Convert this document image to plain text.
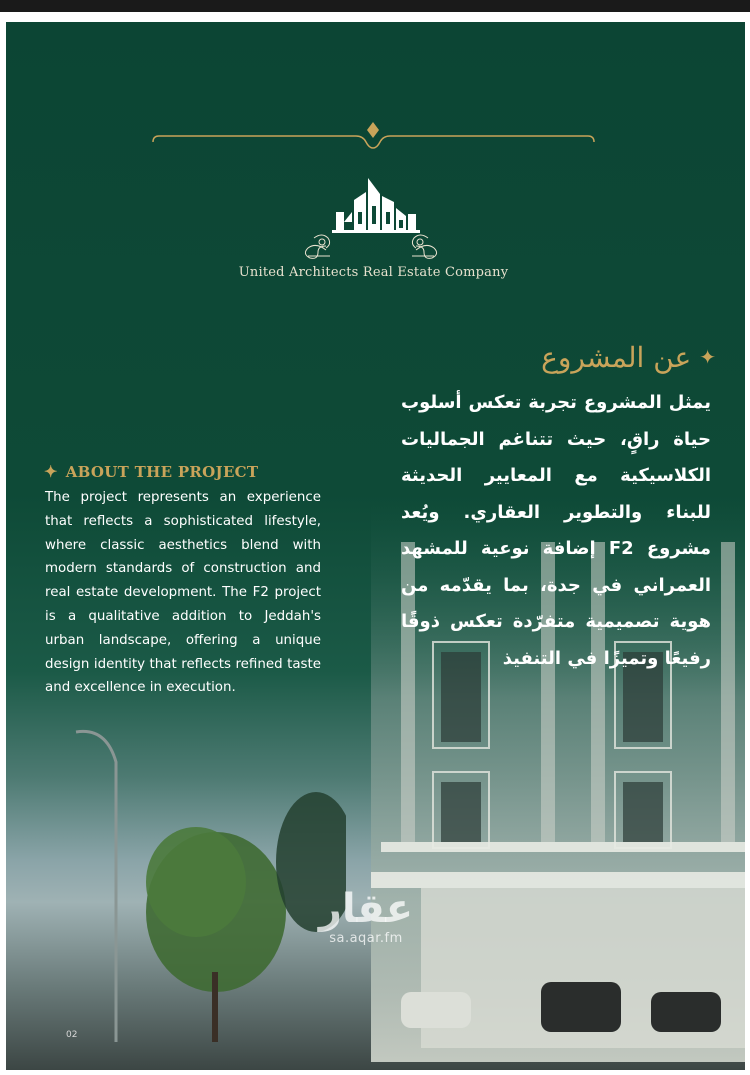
United Architects Real Estate Company
✦
عن المشروع
يمثل المشروع تجربة تعكس أسلوب حياة راقٍ، حيث تتناغم الجماليات الكلاسيكية مع المعايير الحديثة للبناء والتطوير العقاري. ويُعد مشروع F2 إضافة نوعية للمشهد العمراني في جدة، بما يقدّمه من هوية تصميمية متفرّدة تعكس ذوقًا رفيعًا وتميزًا في التنفيذ
✦ ABOUT THE PROJECT
The project represents an experience that reflects a sophisticated lifestyle, where classic aesthetics blend with modern standards of construction and real estate development. The F2 project is a qualitative addition to Jeddah's urban landscape, offering a unique design identity that reflects refined taste and excellence in execution.
عقار
sa.aqar.fm
02
